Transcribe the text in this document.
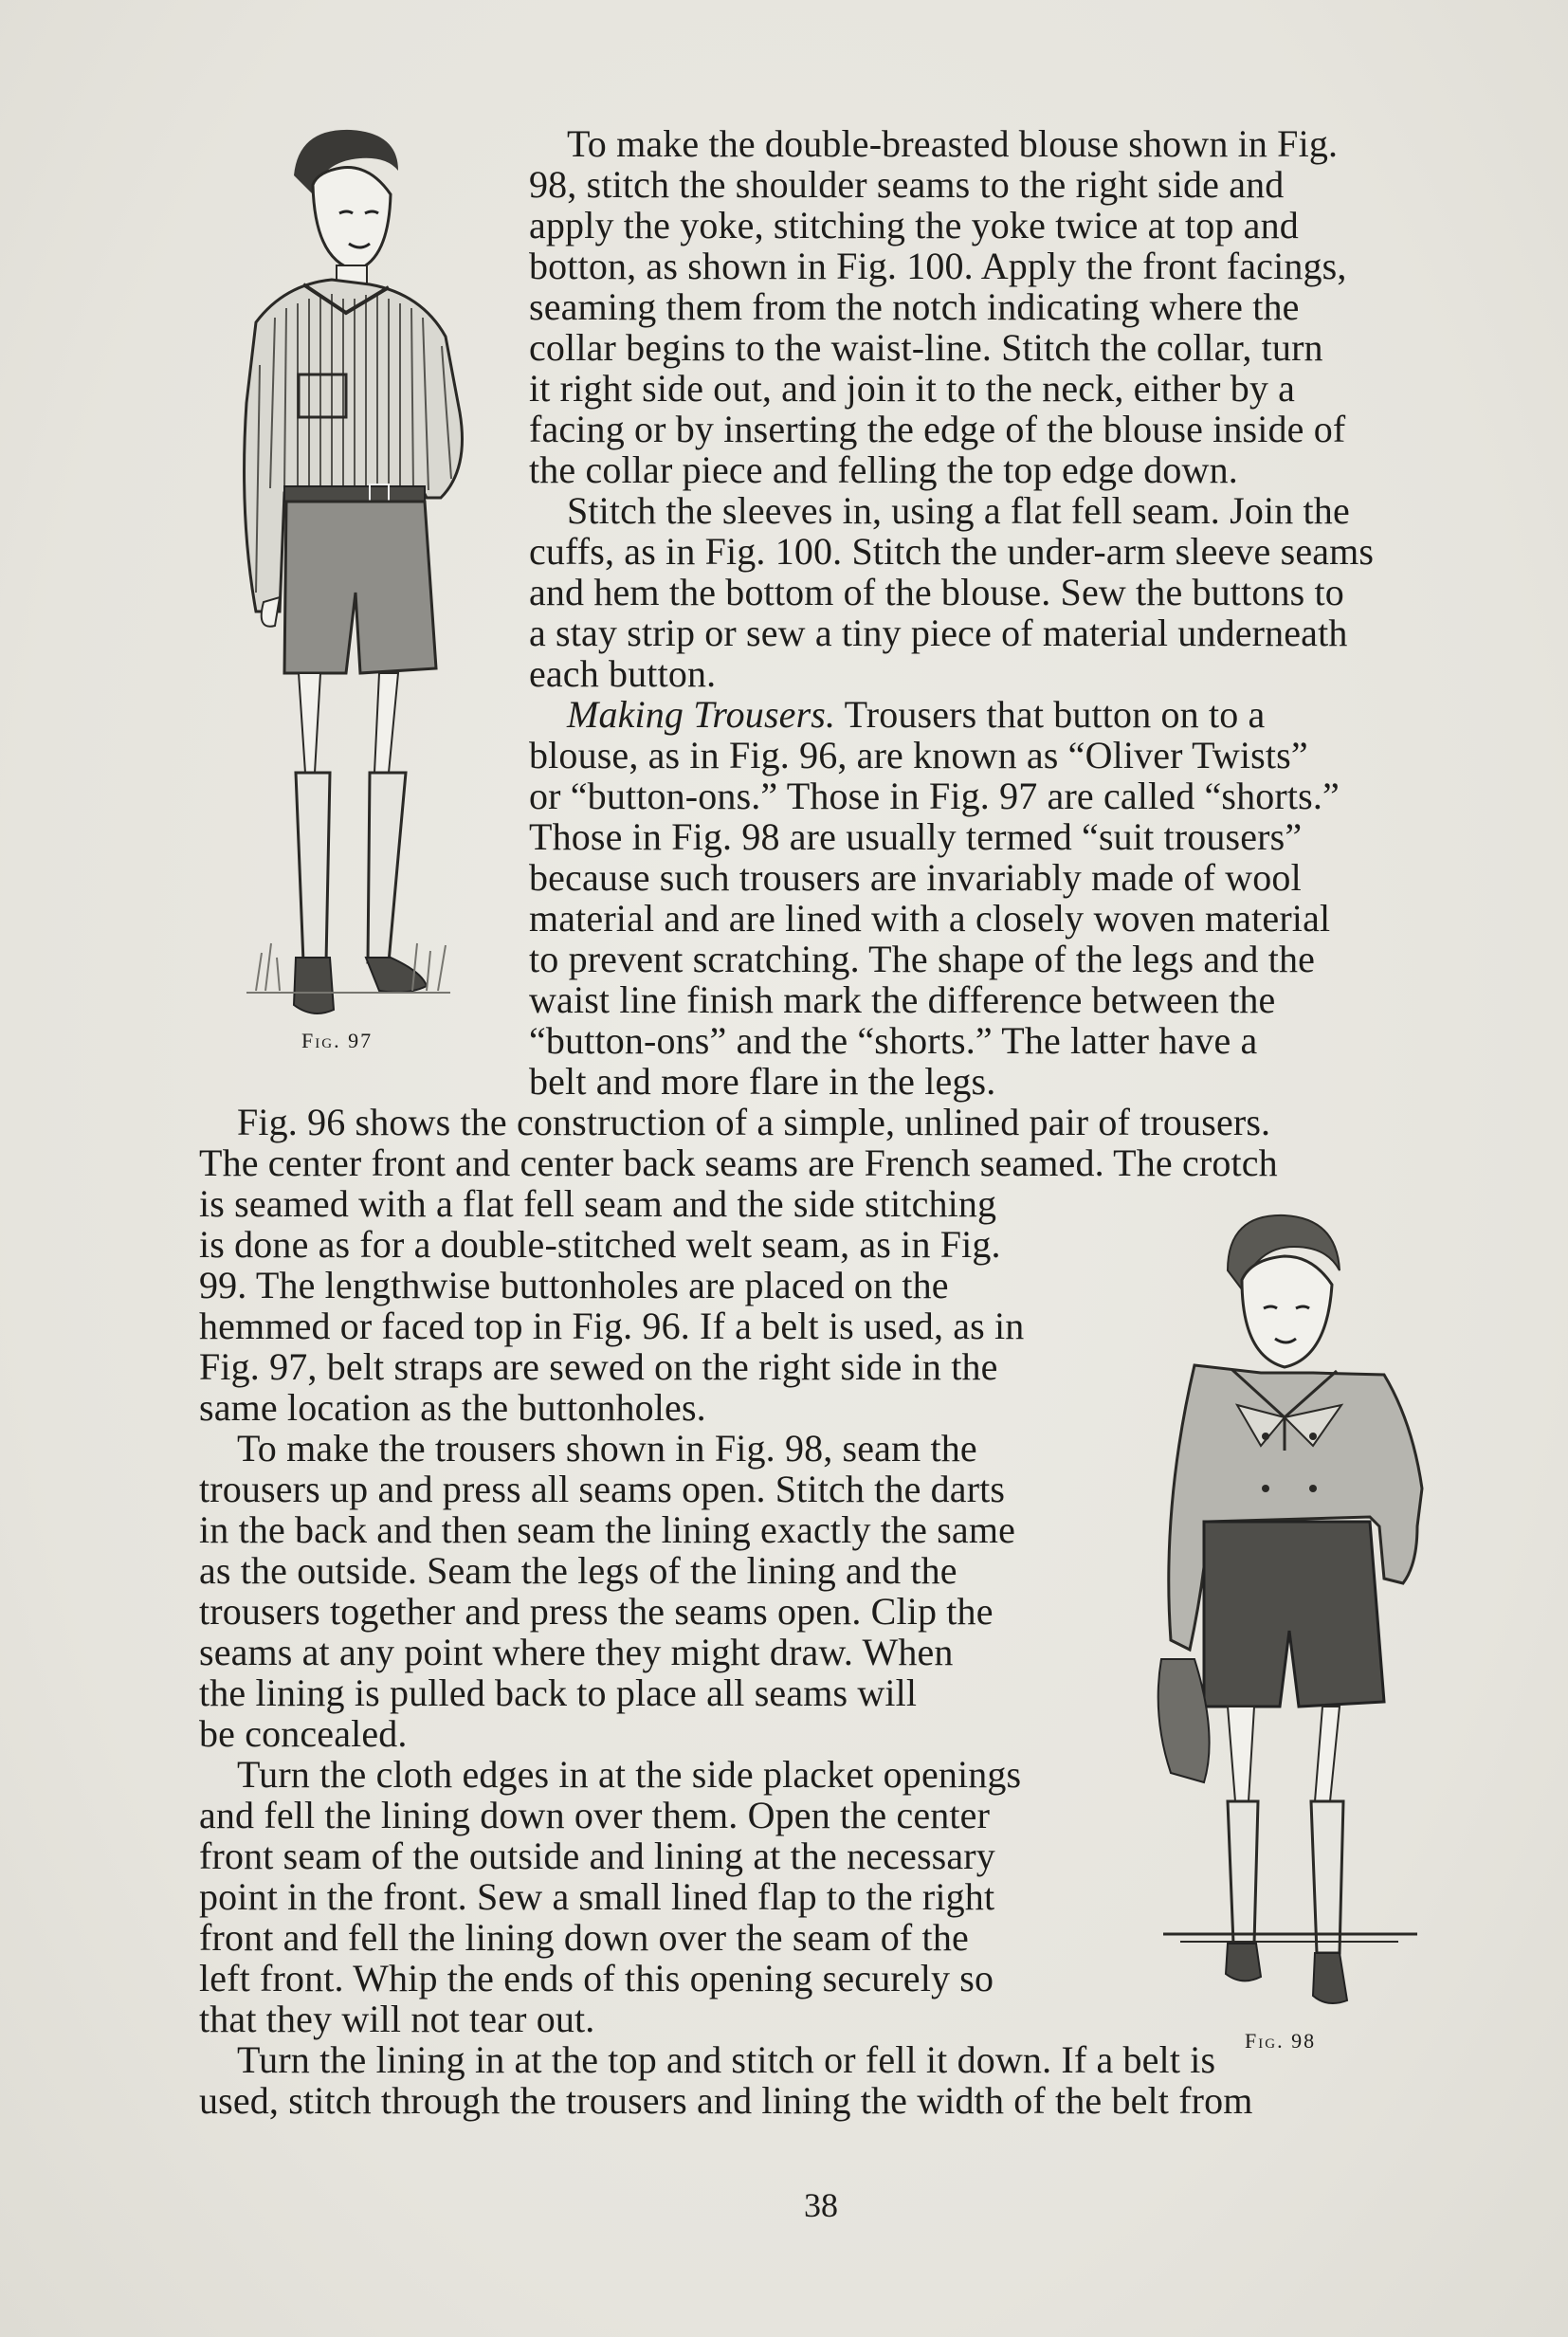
Fig. 97
Fig. 98
To make the double-breasted blouse shown in Fig.
98, stitch the shoulder seams to the right side and
apply the yoke, stitching the yoke twice at top and
botton, as shown in Fig. 100. Apply the front facings,
seaming them from the notch indicating where the
collar begins to the waist-line. Stitch the collar, turn
it right side out, and join it to the neck, either by a
facing or by inserting the edge of the blouse inside of
the collar piece and felling the top edge down.
Stitch the sleeves in, using a flat fell seam. Join the
cuffs, as in Fig. 100. Stitch the under-arm sleeve seams
and hem the bottom of the blouse. Sew the buttons to
a stay strip or sew a tiny piece of material underneath
each button.
Making Trousers. Trousers that button on to a
blouse, as in Fig. 96, are known as “Oliver Twists”
or “button-ons.” Those in Fig. 97 are called “shorts.”
Those in Fig. 98 are usually termed “suit trousers”
because such trousers are invariably made of wool
material and are lined with a closely woven material
to prevent scratching. The shape of the legs and the
waist line finish mark the difference between the
“button-ons” and the “shorts.” The latter have a
belt and more flare in the legs.
Fig. 96 shows the construction of a simple, unlined pair of trousers.
The center front and center back seams are French seamed. The crotch
is seamed with a flat fell seam and the side stitching
is done as for a double-stitched welt seam, as in Fig.
99. The lengthwise buttonholes are placed on the
hemmed or faced top in Fig. 96. If a belt is used, as in
Fig. 97, belt straps are sewed on the right side in the
same location as the buttonholes.
To make the trousers shown in Fig. 98, seam the
trousers up and press all seams open. Stitch the darts
in the back and then seam the lining exactly the same
as the outside. Seam the legs of the lining and the
trousers together and press the seams open. Clip the
seams at any point where they might draw. When
the lining is pulled back to place all seams will
be concealed.
Turn the cloth edges in at the side placket openings
and fell the lining down over them. Open the center
front seam of the outside and lining at the necessary
point in the front. Sew a small lined flap to the right
front and fell the lining down over the seam of the
left front. Whip the ends of this opening securely so
that they will not tear out.
Turn the lining in at the top and stitch or fell it down. If a belt is
used, stitch through the trousers and lining the width of the belt from
38
